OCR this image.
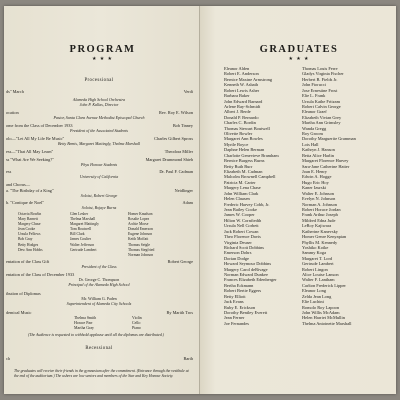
PROGRAM
★ ★ ★
Processional
ds" March	Verdi
Alameda High School Orchestra
John P. Kallas, Director
ocation	Rev. Roy E. Wilson
Pastor, Santa Clara Avenue Methodist Episcopal Church
ome from the Class of December 1933	Bob Tinney
President of the Associated Students
olo—"Let All My Life Be Music"	Charles Gilbert Spross
Betty Bemis, Margaret Mattingly, Thelma Marshall
ess—"That All May Learn"	Theodora Miller
ss "What Are We Seeking?"	Margaret Drummond Shieh
Phyu Honour Students
ess	Dr. Paul F. Cadman
University of California
and Chorus—
a. "The Birthday of a King"	Neidlinger
Soloist, Robert George
b. "Contique de Noel"	Adam
Soloist, Bojaye Burns
Octavia Bowlin
Mary Barnett
Margery Chase
Jean Cooke
Ursula Fellows
Bob Gray
Betty Hodges
Dew Ann Hobbs

Glen Lesher
Thelma Marshall
Margaret Mattingly
Tom Boutwell
Bill Clark
James Coulter
Walter Jefferson
Gertrude Lambert

Homer Knudson
Rosalie Lopez
Archie Morse
Donald Emerson
Eugene Johnson
Keith Moffatt
Thomas Seigle
Thomas Siegfried
Norman Johnson
entation of the Class Gift	Robert George
President of the Class
entation of the Class of December 1933
Dr. George C. Thompson
Principal of the Alameda High School
ibution of Diplomas
Mr. William G. Paden
Superintendent of Alameda City Schools
demical Music	By Marith Tros
Thelma Smith	Violin
Horace Parr	Cello
Martha Gray	Piano
(The Audience is requested to withhold applause until all the diplomas are distributed.)
Recessional
ch	Barth
The graduates will receive their friends in the gymnasium after the commitment. (Entrance through the vestibule at the end of the auditorium.) The ushers are low seniors and members of the Star and Key Honour Society.
GRADUATES
★ ★ ★
Eleanor Alden
Robert E. Anderson
Bernice Maxine Armstrong
Kenneth W. Asbath
Robert Lewis Asher
Barbara Baker
John Edward Barnard
Arlene Ray-Schmidt
Albert J. Berde
Donald P. Bernardo
Charles C. Bordin
Thomas Stewart Boutwell
Olivette Bowler
Margaret Ann Bowles
Myrtle Boyce
Daphne Helen Berman
Charlotte Genevieve Bramham
Bernice Burgess Burns
Betty Ruth Burr
Elizabeth M. Cadman
Malcolm Brownell Campbell
Patricia M. Carter
Margery Lena Chase
John William Clark
Helen Clausen
Frederic Harvey Cobb, Jr.
Jean Bailey Cooke
James W. Cooper
Hilton W. Cornfiedth
Ursula Nell Corbett
Jack Robert Cowan
Theo Florence Davis
Virginia Deuser
Richard Scott Dobbins
Emerson Dohrs
Dorian Dodge
Howard Seymour Dobbins
Margery Carol deRivage
Norman Edward Dunkee
Frances Elizabeth Edenberger
Bertha Eckmann
Robert Bertie Eggers
Betty Elliott
Jack Evans
Ruby E. Erickson
Dorothy Bentley Everett
Jean Ferner
Joe Fernandes
Thomas Louis Ferre
Gladys Virginia Fischer
Herbert B. Fields Jr.
John Fiorucci
Jose Ernestine Frost
Elie L. Frank
Ursula Kathe Fritzam
Robert Calvin George
Eleanor Graef
Elizabeth Vivian Grey
Martha Ann Grimsley
Wanda Gregg
Roy Groom
Dorothy Marguerite Gramman
Lois Hall
Kathryn J. Hanson
Betta Alice Harlin
Margaret Florence Harvey
Sara-Jane Catherine Hatter
Joan E. Henry
Edwin A. Hogge
Hugo Eric Hoy
Kaner Izurski
Walter E. Johnson
Evelyn N. Johnson
Norman A. Johnson
Robert Horace Jordan
Frank Arthur Joseph
Mildred Edna Jude
LeRoy Kajiwara
Katherine Kanevsky
Homer Genre Kenyapian
Phyllis M. Kennedy
Yoshiko Koike
Sammy Koga
Margaret T. Lord
Gertrude Lambert
Robert Lingon
Alice Louise Lanson
Walter F. Lantham
Carlton Frederick Lipper
Eleanor Long
Zelda Jean Long
Elie Luchini
Romolo Roy Lapoon
John Willis McAdam
Helen Harriet McMullin
Thelma Antoinette Marshall
